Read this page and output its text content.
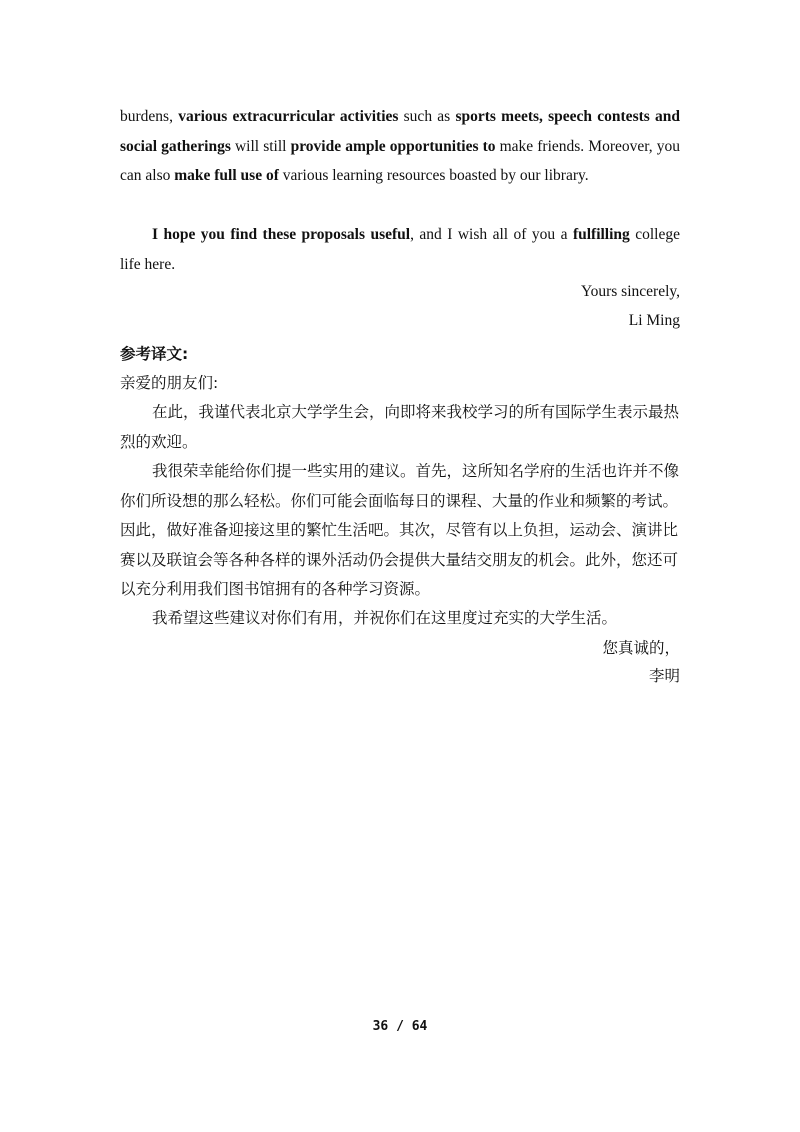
burdens, various extracurricular activities such as sports meets, speech contests and social gatherings will still provide ample opportunities to make friends. Moreover, you can also make full use of various learning resources boasted by our library.

I hope you find these proposals useful, and I wish all of you a fulfilling college life here.

Yours sincerely,
Li Ming
参考译文:

亲爱的朋友们:

在此，我谨代表北京大学学生会，向即将来我校学习的所有国际学生表示最热烈的欢迎。

我很荣幸能给你们提一些实用的建议。首先，这所知名学府的生活也许并不像你们所设想的那么轻松。你们可能会面临每日的课程、大量的作业和频繁的考试。因此，做好准备迎接这里的繁忙生活吧。其次，尽管有以上负担，运动会、演讲比赛以及联谊会等各种各样的课外活动仍会提供大量结交朋友的机会。此外，您还可以充分利用我们图书馆拥有的各种学习资源。

我希望这些建议对你们有用，并祝你们在这里度过充实的大学生活。

您真诚的，
李明
36 / 64
